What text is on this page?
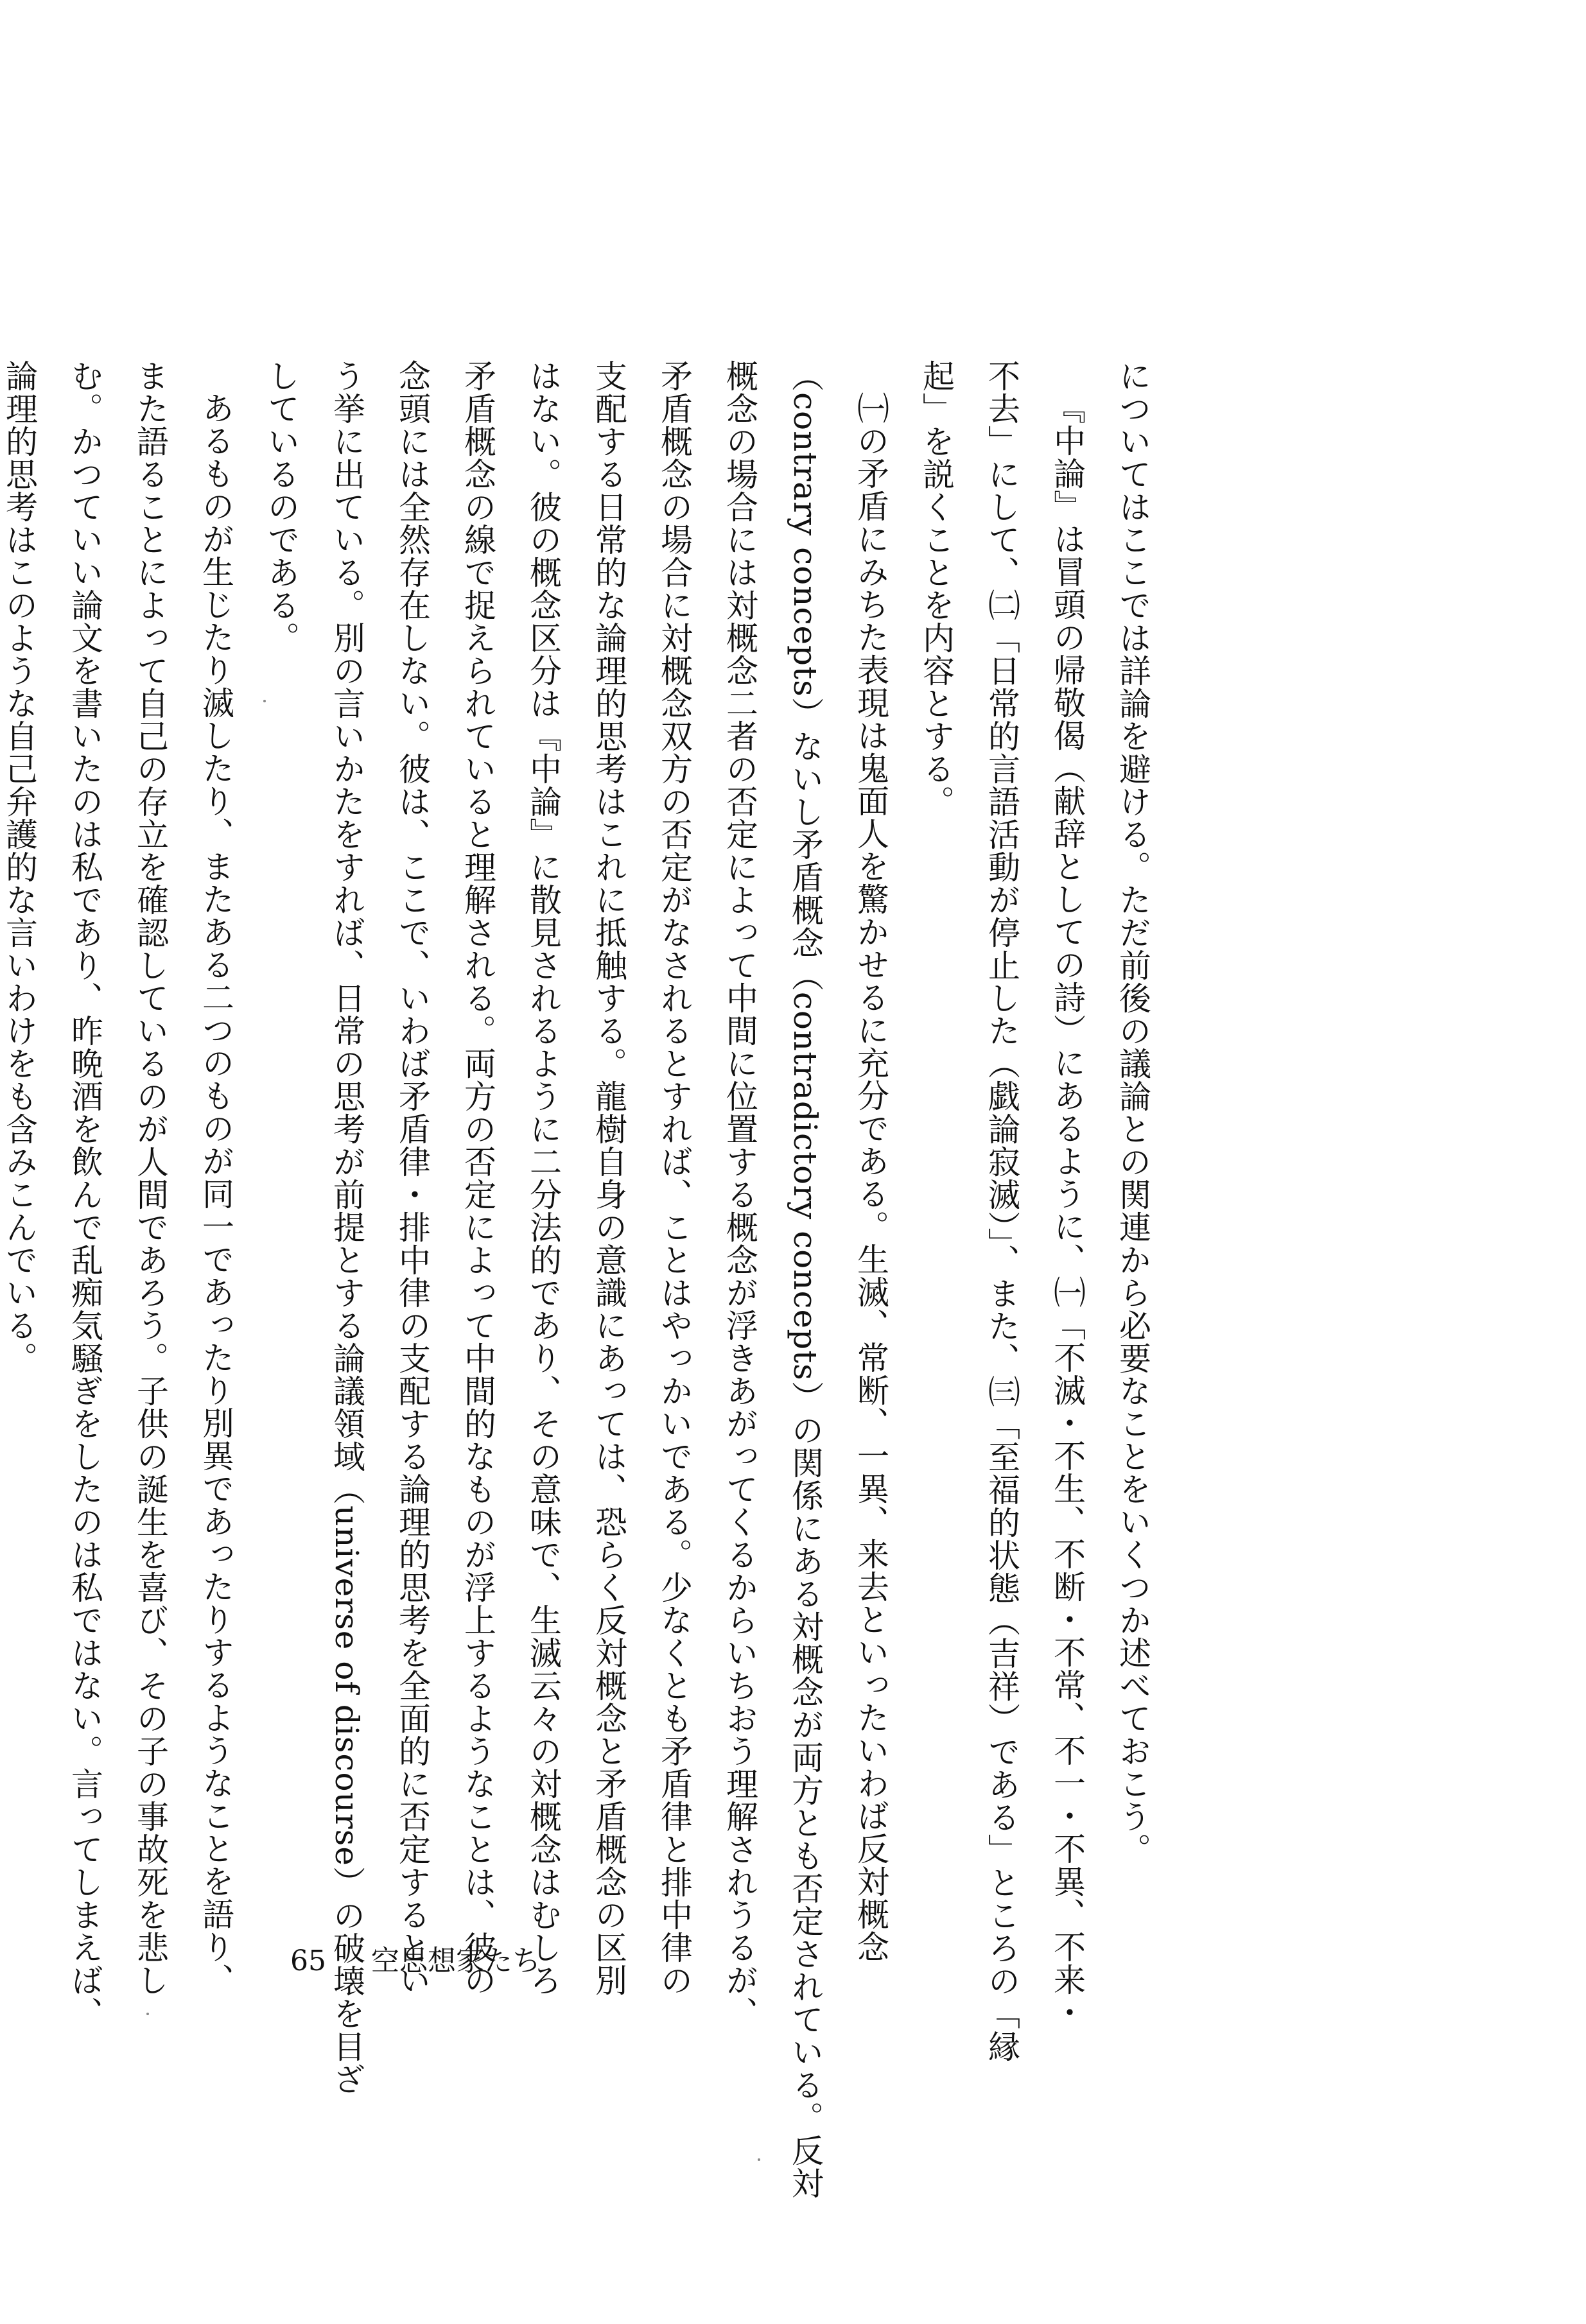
についてはここでは詳論を避ける。ただ前後の議論との関連から必要なことをいくつか述べておこう。

『中論』は冒頭の帰敬偈（献辞としての詩）にあるように、㈠「不滅・不生、不断・不常、不一・不異、不来・

不去」にして、㈡「日常的言語活動が停止した（戯論寂滅）」、また、㈢「至福的状態（吉祥）である」ところの「縁

起」を説くことを内容とする。

㈠の矛盾にみちた表現は鬼面人を驚かせるに充分である。生滅、常断、一異、来去といったいわば反対概念

（contrary concepts）ないし矛盾概念（contradictory concepts）の関係にある対概念が両方とも否定されている。反対

概念の場合には対概念二者の否定によって中間に位置する概念が浮きあがってくるからいちおう理解されうるが、

矛盾概念の場合に対概念双方の否定がなされるとすれば、ことはやっかいである。少なくとも矛盾律と排中律の

支配する日常的な論理的思考はこれに抵触する。龍樹自身の意識にあっては、恐らく反対概念と矛盾概念の区別

はない。彼の概念区分は『中論』に散見されるように二分法的であり、その意味で、生滅云々の対概念はむしろ

矛盾概念の線で捉えられていると理解される。両方の否定によって中間的なものが浮上するようなことは、彼の

念頭には全然存在しない。彼は、ここで、いわば矛盾律・排中律の支配する論理的思考を全面的に否定するとい

う挙に出ている。別の言いかたをすれば、日常の思考が前提とする論議領域（universe of discourse）の破壊を目ざ

しているのである。

あるものが生じたり滅したり、またある二つのものが同一であったり別異であったりするようなことを語り、

また語ることによって自己の存立を確認しているのが人間であろう。子供の誕生を喜び、その子の事故死を悲し

む。かつていい論文を書いたのは私であり、昨晩酒を飲んで乱痴気騒ぎをしたのは私ではない。言ってしまえば、

論理的思考はこのような自己弁護的な言いわけをも含みこんでいる。

65 空思想家たち
